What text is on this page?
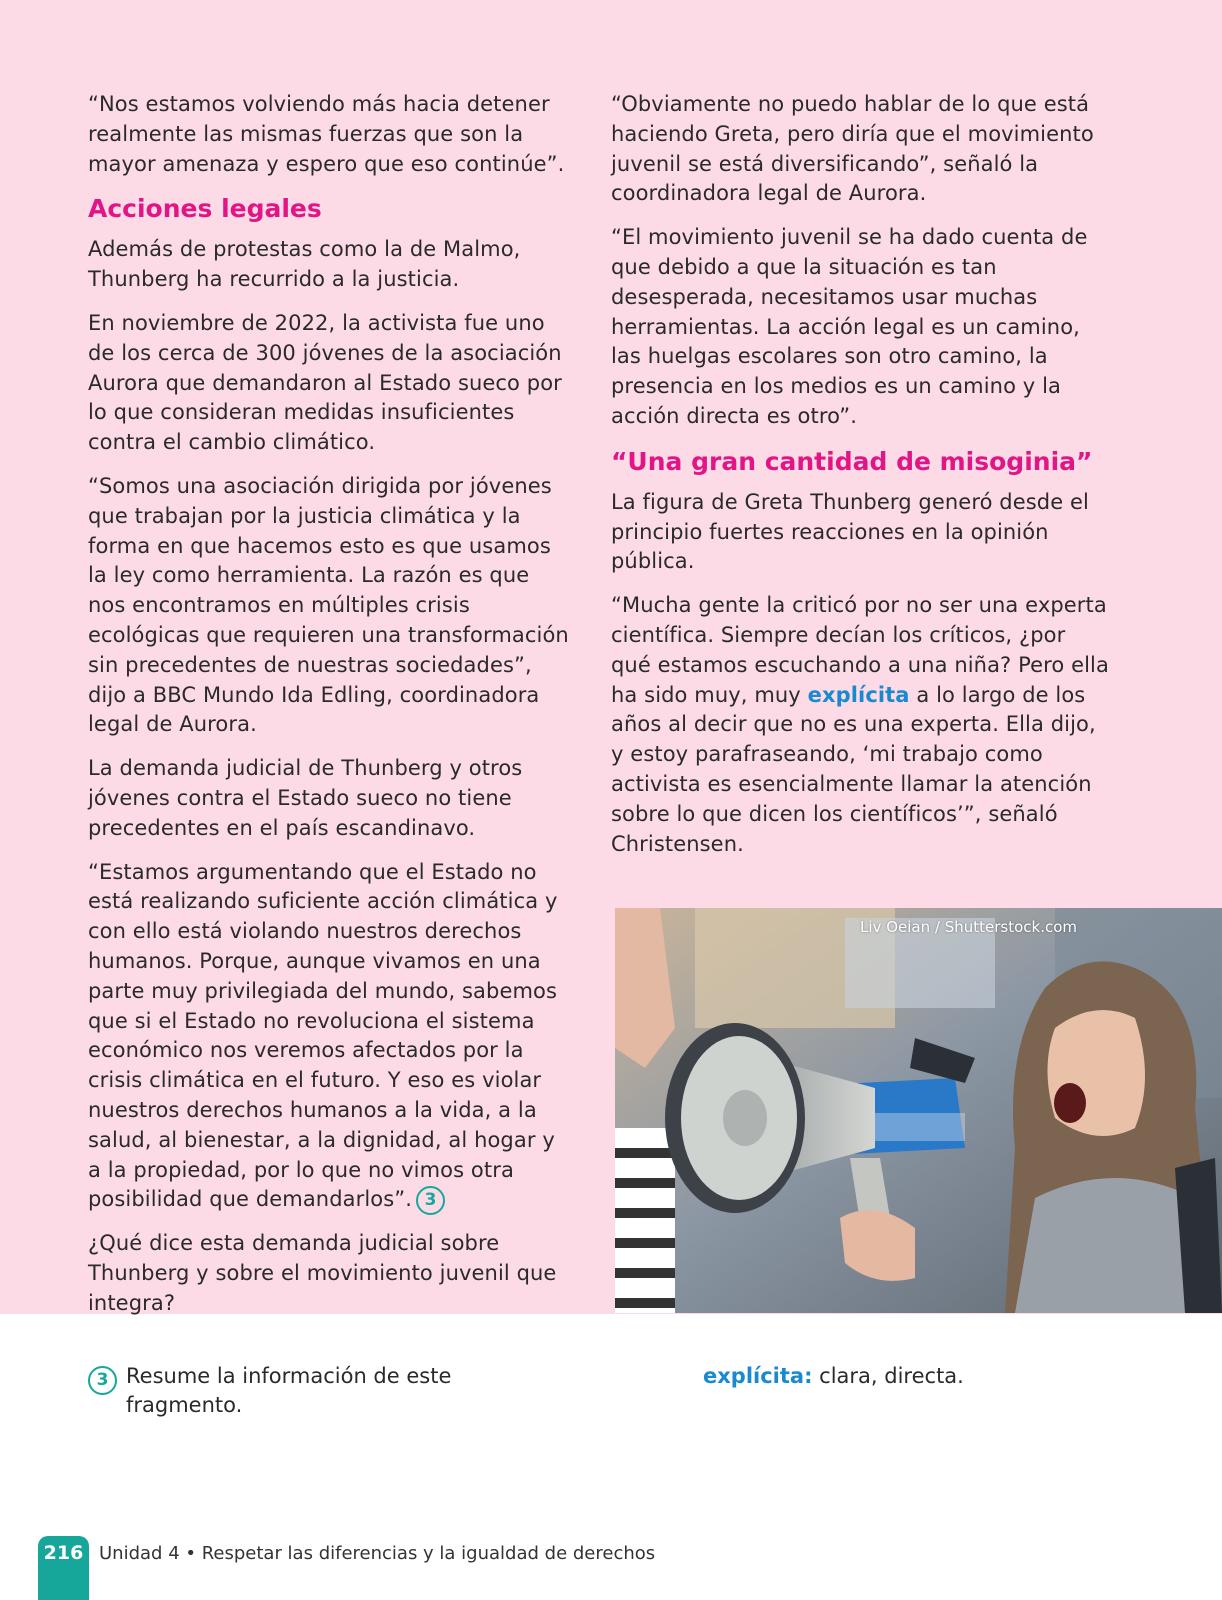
“Nos estamos volviendo más hacia detener realmente las mismas fuerzas que son la mayor amenaza y espero que eso continúe”.

Acciones legales

Además de protestas como la de Malmo, Thunberg ha recurrido a la justicia.

En noviembre de 2022, la activista fue uno de los cerca de 300 jóvenes de la asociación Aurora que demandaron al Estado sueco por lo que consideran medidas insuficientes contra el cambio climático.

“Somos una asociación dirigida por jóvenes que trabajan por la justicia climática y la forma en que hacemos esto es que usamos la ley como herramienta. La razón es que nos encontramos en múltiples crisis ecológicas que requieren una transformación sin precedentes de nuestras sociedades”, dijo a BBC Mundo Ida Edling, coordinadora legal de Aurora.

La demanda judicial de Thunberg y otros jóvenes contra el Estado sueco no tiene precedentes en el país escandinavo.

“Estamos argumentando que el Estado no está realizando suficiente acción climática y con ello está violando nuestros derechos humanos. Porque, aunque vivamos en una parte muy privilegiada del mundo, sabemos que si el Estado no revoluciona el sistema económico nos veremos afectados por la crisis climática en el futuro. Y eso es violar nuestros derechos humanos a la vida, a la salud, al bienestar, a la dignidad, al hogar y a la propiedad, por lo que no vimos otra posibilidad que demandarlos”. 3

¿Qué dice esta demanda judicial sobre Thunberg y sobre el movimiento juvenil que integra?

“Obviamente no puedo hablar de lo que está haciendo Greta, pero diría que el movimiento juvenil se está diversificando”, señaló la coordinadora legal de Aurora.

“El movimiento juvenil se ha dado cuenta de que debido a que la situación es tan desesperada, necesitamos usar muchas herramientas. La acción legal es un camino, las huelgas escolares son otro camino, la presencia en los medios es un camino y la acción directa es otro”.

“Una gran cantidad de misoginia”

La figura de Greta Thunberg generó desde el principio fuertes reacciones en la opinión pública.

“Mucha gente la criticó por no ser una experta científica. Siempre decían los críticos, ¿por qué estamos escuchando a una niña? Pero ella ha sido muy, muy explícita a lo largo de los años al decir que no es una experta. Ella dijo, y estoy parafraseando, ‘mi trabajo como activista es esencialmente llamar la atención sobre lo que dicen los científicos’”, señaló Christensen.

Liv Oeian / Shutterstock.com
3 Resume la información de este fragmento.
explícita: clara, directa.
216 Unidad 4 • Respetar las diferencias y la igualdad de derechos
